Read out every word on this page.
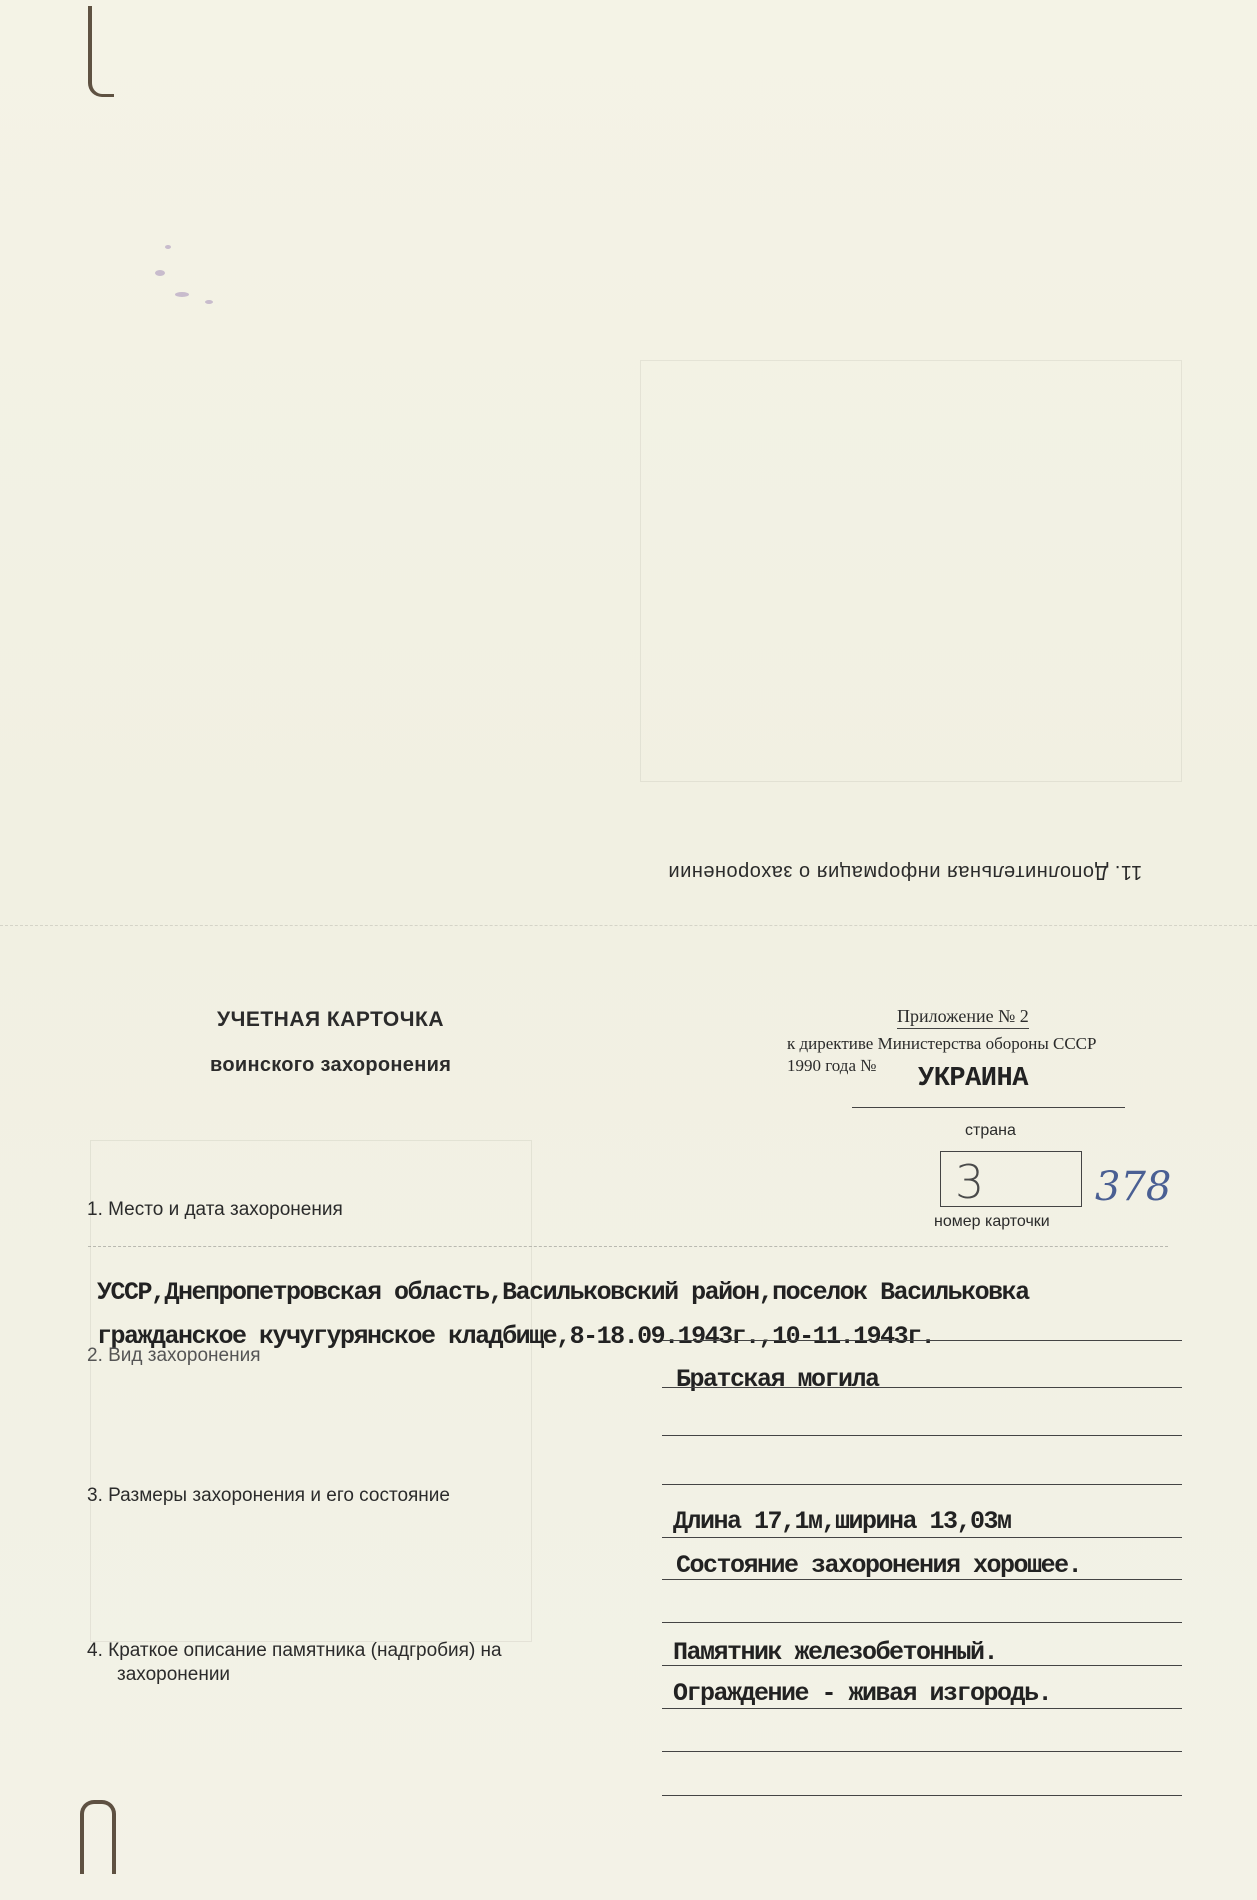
11. Дополнительная информация о захоронении
УЧЕТНАЯ КАРТОЧКА
воинского захоронения
Приложение № 2
к директиве Министерства обороны СССР
1990 года № УКРАИНА
страна
3	378
номер карточки
1. Место и дата захоронения
УССР,Днепропетровская область,Васильковский район,поселок Васильковка
гражданское кучугурянское кладбище,8-18.09.1943г.,10-11.1943г.
2. Вид захоронения
Братская могила
3. Размеры захоронения и его состояние
Длина 17,1м,ширина 13,03м
Состояние захоронения хорошее.
4. Краткое описание памятника (надгробия) на
захоронении
Памятник железобетонный.
Ограждение - живая изгородь.
